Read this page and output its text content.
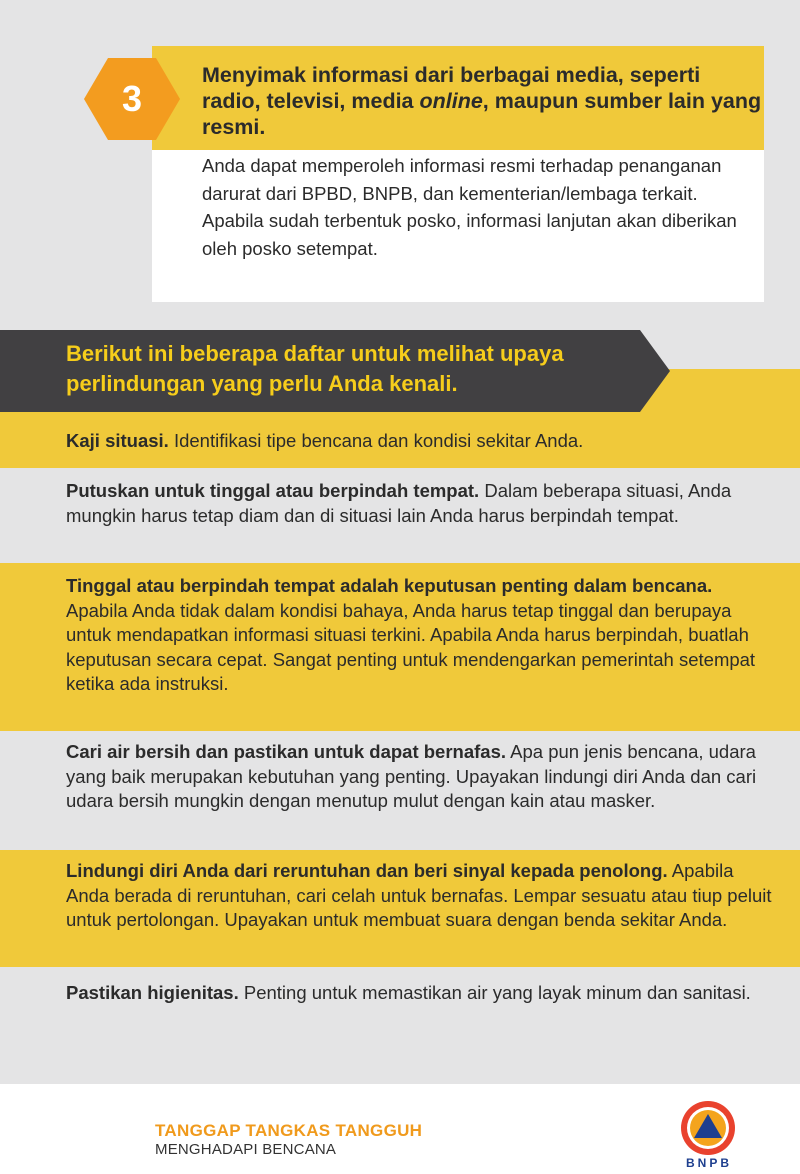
3
Menyimak informasi dari berbagai media, seperti radio, televisi, media online, maupun sumber lain yang resmi.
Anda dapat memperoleh informasi resmi terhadap penanganan darurat dari BPBD, BNPB, dan kementerian/lembaga terkait. Apabila sudah terbentuk posko, informasi lanjutan akan diberikan oleh posko setempat.
Berikut ini beberapa daftar untuk melihat upaya perlindungan yang perlu Anda kenali.
Kaji situasi. Identifikasi tipe bencana dan kondisi sekitar Anda.
Putuskan untuk tinggal atau berpindah tempat. Dalam beberapa situasi, Anda mungkin harus tetap diam dan di situasi lain Anda harus berpindah tempat.
Tinggal atau berpindah tempat adalah keputusan penting dalam bencana. Apabila Anda tidak dalam kondisi bahaya, Anda harus tetap tinggal dan berupaya untuk mendapatkan informasi situasi terkini. Apabila Anda harus berpindah, buatlah keputusan secara cepat. Sangat penting untuk mendengarkan pemerintah setempat ketika ada instruksi.
Cari air bersih dan pastikan untuk dapat bernafas. Apa pun jenis bencana, udara yang baik merupakan kebutuhan yang penting. Upayakan lindungi diri Anda dan cari udara bersih mungkin dengan menutup mulut dengan kain atau masker.
Lindungi diri Anda dari reruntuhan dan beri sinyal kepada penolong. Apabila Anda berada di reruntuhan, cari celah untuk bernafas. Lempar sesuatu atau tiup peluit untuk pertolongan. Upayakan untuk membuat suara dengan benda sekitar Anda.
Pastikan higienitas. Penting untuk memastikan air yang layak minum dan sanitasi.
TANGGAP TANGKAS TANGGUH
MENGHADAPI BENCANA
BNPB
